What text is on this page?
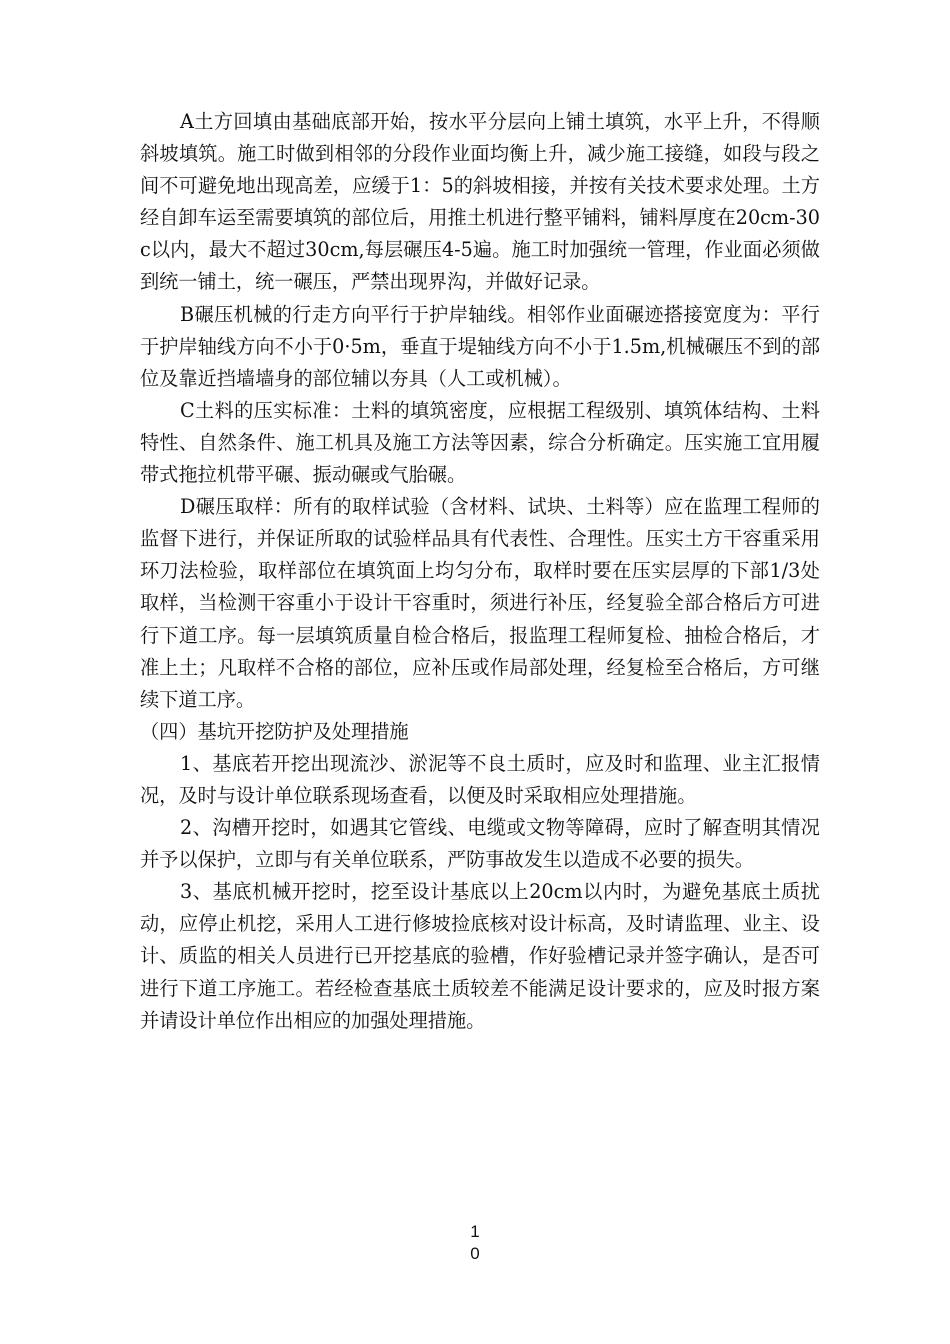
A土方回填由基础底部开始，按水平分层向上铺土填筑，水平上升，不得顺斜坡填筑。施工时做到相邻的分段作业面均衡上升，减少施工接缝，如段与段之间不可避免地出现高差，应缓于1：5的斜坡相接，并按有关技术要求处理。土方经自卸车运至需要填筑的部位后，用推土机进行整平铺料，铺料厚度在20cm-30c以内，最大不超过30cm,每层碾压4-5遍。施工时加强统一管理，作业面必须做到统一铺土，统一碾压，严禁出现界沟，并做好记录。

B碾压机械的行走方向平行于护岸轴线。相邻作业面碾迹搭接宽度为：平行于护岸轴线方向不小于0·5m，垂直于堤轴线方向不小于1.5m,机械碾压不到的部位及靠近挡墙墙身的部位辅以夯具（人工或机械）。

C土料的压实标准：土料的填筑密度，应根据工程级别、填筑体结构、土料特性、自然条件、施工机具及施工方法等因素，综合分析确定。压实施工宜用履带式拖拉机带平碾、振动碾或气胎碾。

D碾压取样：所有的取样试验（含材料、试块、土料等）应在监理工程师的监督下进行，并保证所取的试验样品具有代表性、合理性。压实土方干容重采用环刀法检验，取样部位在填筑面上均匀分布，取样时要在压实层厚的下部1/3处取样，当检测干容重小于设计干容重时，须进行补压，经复验全部合格后方可进行下道工序。每一层填筑质量自检合格后，报监理工程师复检、抽检合格后，才准上土；凡取样不合格的部位，应补压或作局部处理，经复检至合格后，方可继续下道工序。

（四）基坑开挖防护及处理措施

1、基底若开挖出现流沙、淤泥等不良土质时，应及时和监理、业主汇报情况，及时与设计单位联系现场查看，以便及时采取相应处理措施。

2、沟槽开挖时，如遇其它管线、电缆或文物等障碍，应时了解查明其情况并予以保护，立即与有关单位联系，严防事故发生以造成不必要的损失。

3、基底机械开挖时，挖至设计基底以上20cm以内时，为避免基底土质扰动，应停止机挖，采用人工进行修坡捡底核对设计标高，及时请监理、业主、设计、质监的相关人员进行已开挖基底的验槽，作好验槽记录并签字确认，是否可进行下道工序施工。若经检查基底土质较差不能满足设计要求的，应及时报方案并请设计单位作出相应的加强处理措施。

1
0
